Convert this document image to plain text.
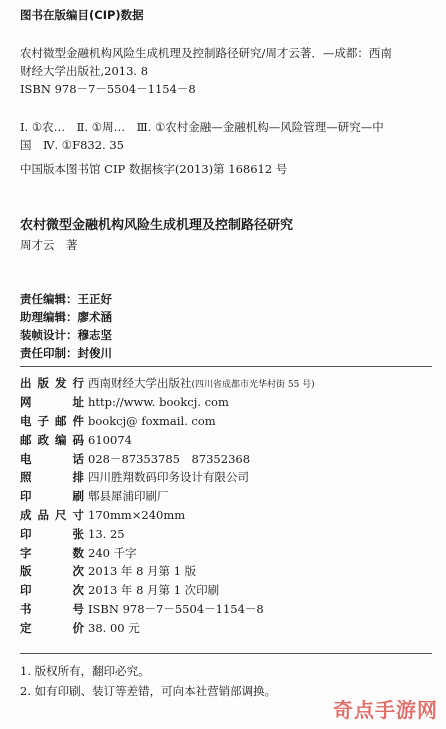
图书在版编目(CIP)数据
农村微型金融机构风险生成机理及控制路径研究/周才云著．—成都：西南
财经大学出版社,2013. 8
ISBN 978－7－5504－1154－8
Ⅰ. ①农…　Ⅱ. ①周…　Ⅲ. ①农村金融—金融机构—风险管理—研究—中
国　Ⅳ. ①F832. 35
中国版本图书馆 CIP 数据核字(2013)第 168612 号
农村微型金融机构风险生成机理及控制路径研究
周才云　著
责任编辑：王正好
助理编辑：廖术涵
装帧设计：穆志坚
责任印制：封俊川
出 版 发 行 西南财经大学出版社(四川省成都市光华村街 55 号)
网	址 http://www. bookcj. com
电 子 邮 件 bookcj@ foxmail. com
邮 政 编 码 610074
电	话 028－87353785　87352368
照	排 四川胜翔数码印务设计有限公司
印	刷 郫县犀浦印刷厂
成 品 尺 寸 170mm×240mm
印	张 13. 25
字	数 240 千字
版	次 2013 年 8 月第 1 版
印	次 2013 年 8 月第 1 次印刷
书	号 ISBN 978－7－5504－1154－8
定	价 38. 00 元
1. 版权所有，翻印必究。
2. 如有印刷、装订等差错，可向本社营销部调换。
奇点手游网
